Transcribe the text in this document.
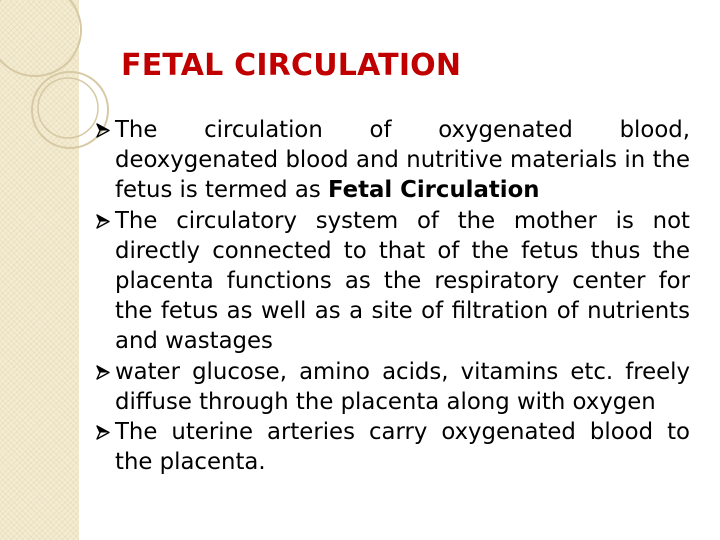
FETAL CIRCULATION
The circulation of oxygenated blood, deoxygenated blood and nutritive materials in the fetus is termed as Fetal Circulation
The circulatory system of the mother is not directly connected to that of the fetus thus the placenta functions as the respiratory center for the fetus as well as a site of filtration of nutrients and wastages
water glucose, amino acids, vitamins etc. freely diffuse through the placenta along with oxygen
The uterine arteries carry oxygenated blood to the placenta.
